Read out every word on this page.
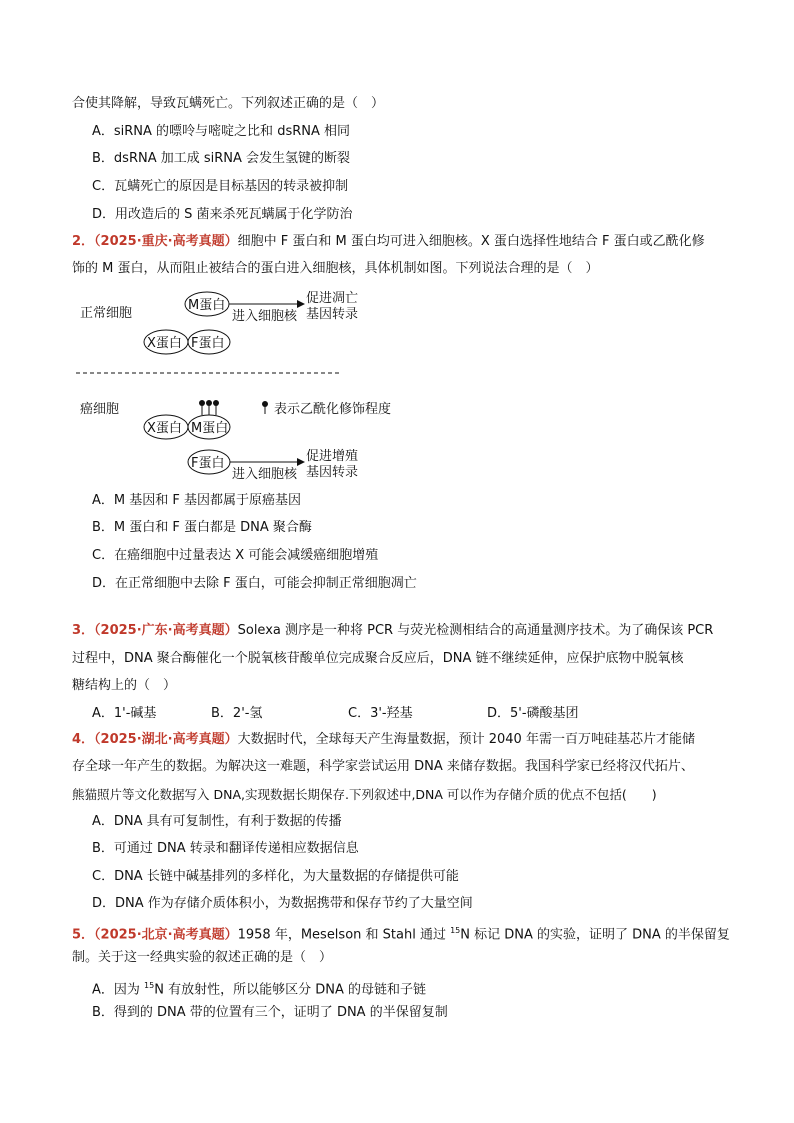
合使其降解，导致瓦螨死亡。下列叙述正确的是（　）
A．siRNA 的嘌呤与嘧啶之比和 dsRNA 相同
B．dsRNA 加工成 siRNA 会发生氢键的断裂
C．瓦螨死亡的原因是目标基因的转录被抑制
D．用改造后的 S 菌来杀死瓦螨属于化学防治
2．（2025·重庆·高考真题）细胞中 F 蛋白和 M 蛋白均可进入细胞核。X 蛋白选择性地结合 F 蛋白或乙酰化修
饰的 M 蛋白，从而阻止被结合的蛋白进入细胞核，具体机制如图。下列说法合理的是（　）
正常细胞
M蛋白
进入细胞核
促进凋亡
基因转录
X蛋白 F蛋白
癌细胞
X蛋白 M蛋白
表示乙酰化修饰程度
F蛋白
进入细胞核
促进增殖
基因转录
A．M 基因和 F 基因都属于原癌基因
B．M 蛋白和 F 蛋白都是 DNA 聚合酶
C．在癌细胞中过量表达 X 可能会减缓癌细胞增殖
D．在正常细胞中去除 F 蛋白，可能会抑制正常细胞凋亡
3．（2025·广东·高考真题）Solexa 测序是一种将 PCR 与荧光检测相结合的高通量测序技术。为了确保该 PCR
过程中，DNA 聚合酶催化一个脱氧核苷酸单位完成聚合反应后，DNA 链不继续延伸，应保护底物中脱氧核
糖结构上的（　）
A．1'-碱基	B．2'-氢	C．3'-羟基	D．5'-磷酸基团
4．（2025·湖北·高考真题）大数据时代，全球每天产生海量数据，预计 2040 年需一百万吨硅基芯片才能储
存全球一年产生的数据。为解决这一难题，科学家尝试运用 DNA 来储存数据。我国科学家已经将汉代拓片、
熊猫照片等文化数据写入 DNA,实现数据长期保存.下列叙述中,DNA 可以作为存储介质的优点不包括(　　)
A．DNA 具有可复制性，有利于数据的传播
B．可通过 DNA 转录和翻译传递相应数据信息
C．DNA 长链中碱基排列的多样化，为大量数据的存储提供可能
D．DNA 作为存储介质体积小，为数据携带和保存节约了大量空间
5．（2025·北京·高考真题）1958 年，Meselson 和 Stahl 通过 $^{15}$N 标记 DNA 的实验，证明了 DNA 的半保留复
制。关于这一经典实验的叙述正确的是（　）
A．因为 $^{15}$N 有放射性，所以能够区分 DNA 的母链和子链
B．得到的 DNA 带的位置有三个，证明了 DNA 的半保留复制
